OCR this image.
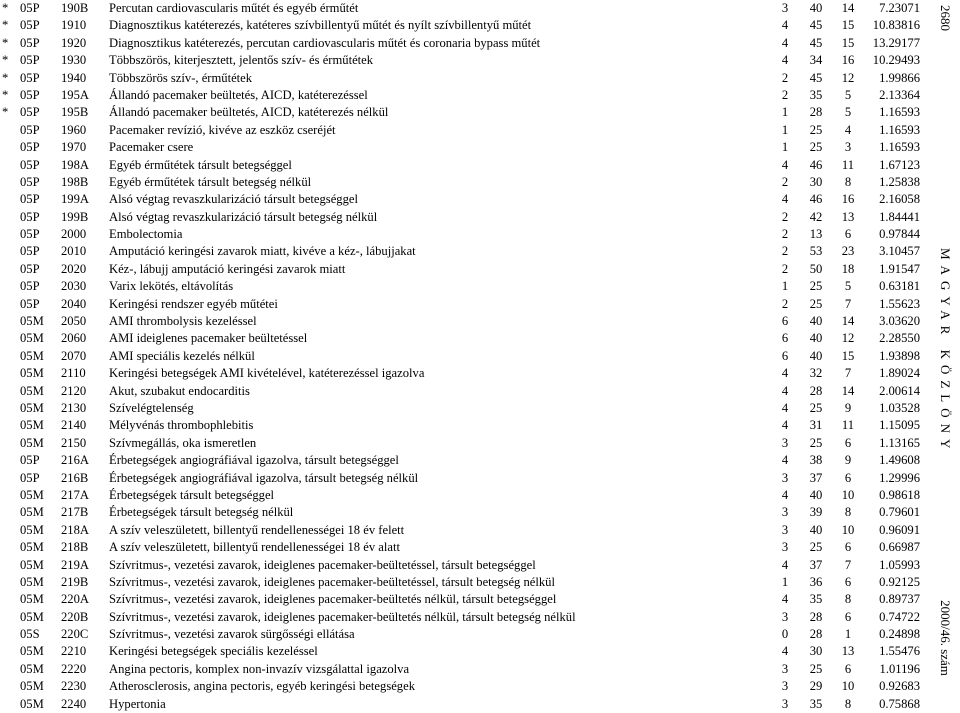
* 05P 190B Percutan cardiovascularis műtét és egyéb érműtét	3	40 14	7.23071
* 05P 1910 Diagnosztikus katéterezés, katéteres szívbillentyű műtét és nyílt szívbillentyű műtét	4	45 15	10.83816
* 05P 1920 Diagnosztikus katéterezés, percutan cardiovascularis műtét és coronaria bypass műtét	4	45 15	13.29177
* 05P 1930 Többszörös, kiterjesztett, jelentős szív- és érműtétek	4	34 16	10.29493
* 05P 1940 Többszörös szív-, érműtétek	2	45 12	1.99866
* 05P 195A Állandó pacemaker beültetés, AICD, katéterezéssel	2	35	5	2.13364
* 05P 195B Állandó pacemaker beültetés, AICD, katéterezés nélkül	1	28	5	1.16593
05P 1960 Pacemaker revízió, kivéve az eszköz cseréjét	1	25	4	1.16593
05P 1970 Pacemaker csere	1	25	3	1.16593
05P 198A Egyéb érműtétek társult betegséggel	4	46	11	1.67123
05P 198B Egyéb érműtétek társult betegség nélkül	2	30	8	1.25838
05P 199A Alsó végtag revaszkularizáció társult betegséggel	4	46 16	2.16058
05P 199B Alsó végtag revaszkularizáció társult betegség nélkül	2	42 13	1.84441
05P 2000 Embolectomia	2	13	6	0.97844
05P 2010 Amputáció keringési zavarok miatt, kivéve a kéz-, lábujjakat	2	53 23	3.10457
05P 2020 Kéz-, lábujj amputáció keringési zavarok miatt	2	50 18	1.91547
05P 2030 Varix lekötés, eltávolítás	1	25	5	0.63181
05P 2040 Keringési rendszer egyéb műtétei	2	25	7	1.55623
05M 2050 AMI thrombolysis kezeléssel	6	40 14	3.03620
05M 2060 AMI ideiglenes pacemaker beültetéssel	6	40 12	2.28550
05M 2070 AMI speciális kezelés nélkül	6	40 15	1.93898
05M 2110 Keringési betegségek AMI kivételével, katéterezéssel igazolva	4	32	7	1.89024
05M 2120 Akut, szubakut endocarditis	4	28 14	2.00614
05M 2130 Szívelégtelenség	4	25	9	1.03528
05M 2140 Mélyvénás thrombophlebitis	4	31	11	1.15095
05M 2150 Szívmegállás, oka ismeretlen	3	25	6	1.13165
05P 216A Érbetegségek angiográfiával igazolva, társult betegséggel	4	38	9	1.49608
05P 216B Érbetegségek angiográfiával igazolva, társult betegség nélkül	3	37	6	1.29996
05M 217A Érbetegségek társult betegséggel	4	40 10	0.98618
05M 217B Érbetegségek társult betegség nélkül	3	39	8	0.79601
05M 218A A szív veleszületett, billentyű rendellenességei 18 év felett	3	40 10	0.96091
05M 218B A szív veleszületett, billentyű rendellenességei 18 év alatt	3	25	6	0.66987
05M 219A Szívritmus-, vezetési zavarok, ideiglenes pacemaker-beültetéssel, társult betegséggel	4	37	7	1.05993
05M 219B Szívritmus-, vezetési zavarok, ideiglenes pacemaker-beültetéssel, társult betegség nélkül	1	36	6	0.92125
05M 220A Szívritmus-, vezetési zavarok, ideiglenes pacemaker-beültetés nélkül, társult betegséggel	4	35	8	0.89737
05M 220B Szívritmus-, vezetési zavarok, ideiglenes pacemaker-beültetés nélkül, társult betegség nélkül	3	28	6	0.74722
05S 220C Szívritmus-, vezetési zavarok sürgősségi ellátása	0	28	1	0.24898
05M 2210 Keringési betegségek speciális kezeléssel	4	30 13	1.55476
05M 2220 Angina pectoris, komplex non-invazív vizsgálattal igazolva	3	25	6	1.01196
05M 2230 Atherosclerosis, angina pectoris, egyéb keringési betegségek	3	29 10	0.92683
05M 2240 Hypertonia	3	35	8	0.75868
2680
MAGYAR KÖZLÖNY
2000/46. szám
